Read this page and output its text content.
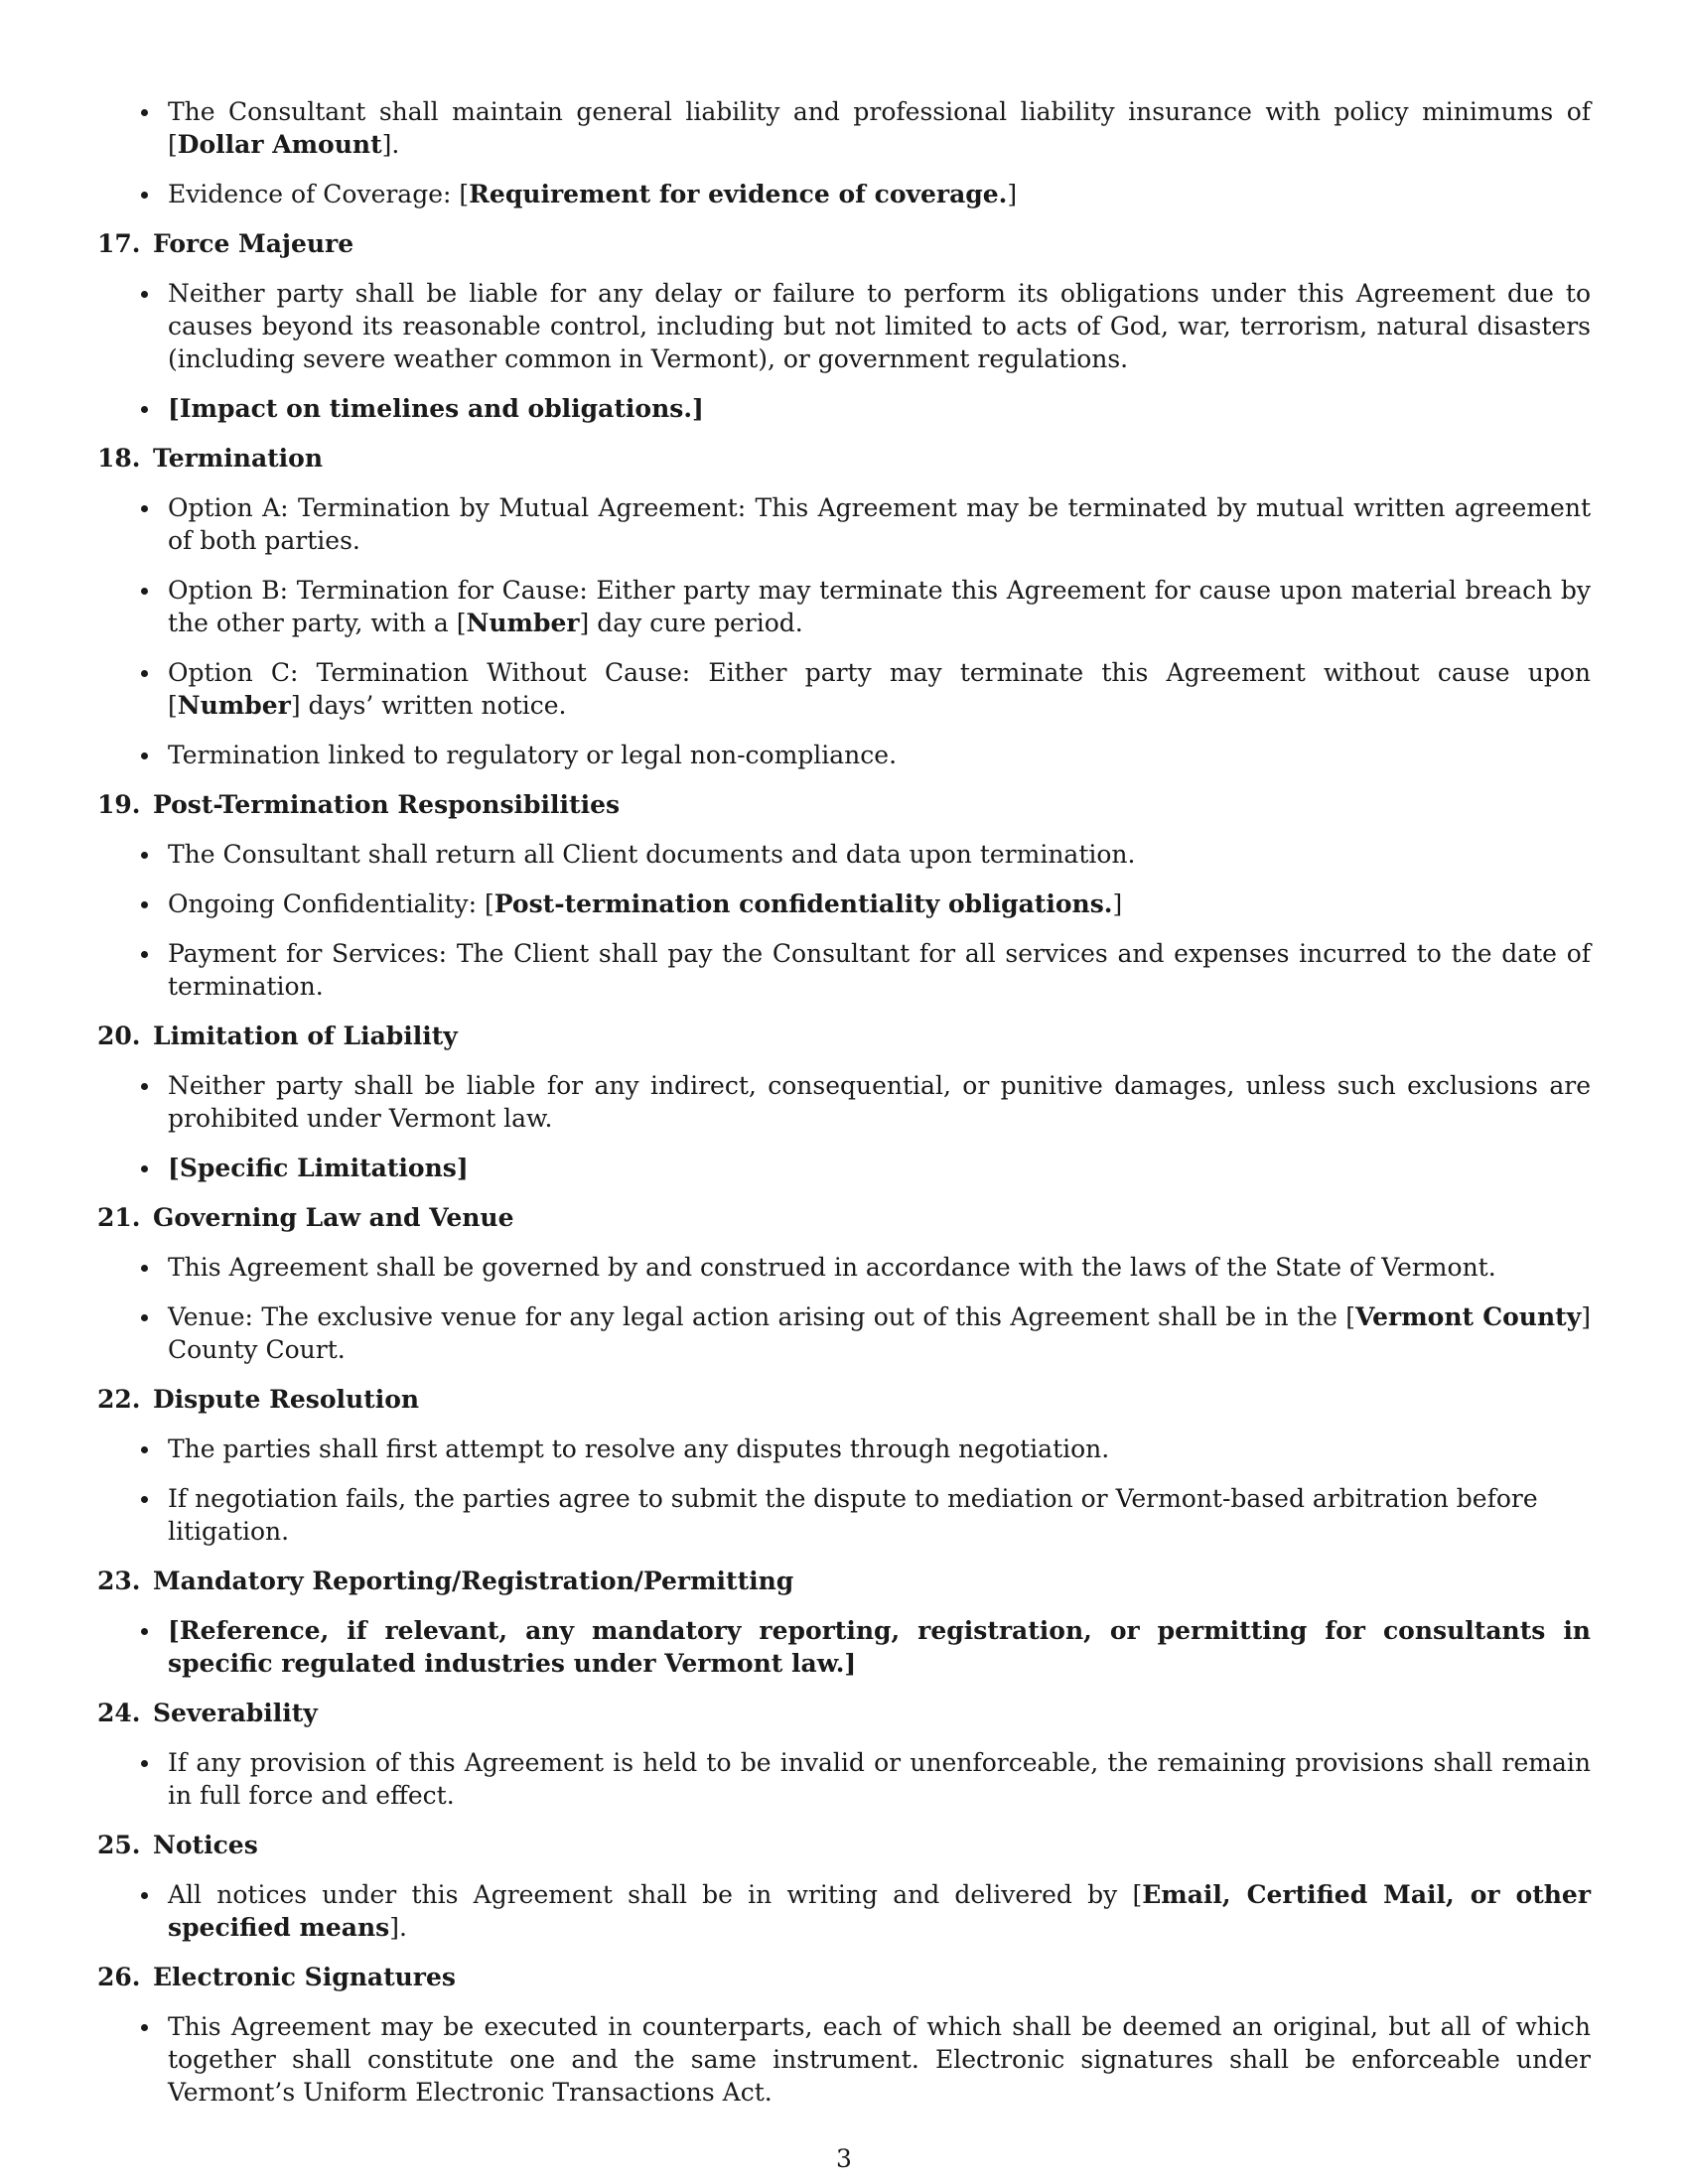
The Consultant shall maintain general liability and professional liability insurance with policy minimums of [Dollar Amount].
Evidence of Coverage: [Requirement for evidence of coverage.]
17. Force Majeure
Neither party shall be liable for any delay or failure to perform its obligations under this Agreement due to causes beyond its reasonable control, including but not limited to acts of God, war, terrorism, natural disasters (including severe weather common in Vermont), or government regulations.
[Impact on timelines and obligations.]
18. Termination
Option A: Termination by Mutual Agreement: This Agreement may be terminated by mutual written agreement of both parties.
Option B: Termination for Cause: Either party may terminate this Agreement for cause upon material breach by the other party, with a [Number] day cure period.
Option C: Termination Without Cause: Either party may terminate this Agreement without cause upon [Number] days’ written notice.
Termination linked to regulatory or legal non-compliance.
19. Post-Termination Responsibilities
The Consultant shall return all Client documents and data upon termination.
Ongoing Confidentiality: [Post-termination confidentiality obligations.]
Payment for Services: The Client shall pay the Consultant for all services and expenses incurred to the date of termination.
20. Limitation of Liability
Neither party shall be liable for any indirect, consequential, or punitive damages, unless such exclusions are prohibited under Vermont law.
[Specific Limitations]
21. Governing Law and Venue
This Agreement shall be governed by and construed in accordance with the laws of the State of Vermont.
Venue: The exclusive venue for any legal action arising out of this Agreement shall be in the [Vermont County] County Court.
22. Dispute Resolution
The parties shall first attempt to resolve any disputes through negotiation.
If negotiation fails, the parties agree to submit the dispute to mediation or Vermont-based arbitration before litigation.
23. Mandatory Reporting/Registration/Permitting
[Reference, if relevant, any mandatory reporting, registration, or permitting for consultants in specific regulated industries under Vermont law.]
24. Severability
If any provision of this Agreement is held to be invalid or unenforceable, the remaining provisions shall remain in full force and effect.
25. Notices
All notices under this Agreement shall be in writing and delivered by [Email, Certified Mail, or other specified means].
26. Electronic Signatures
This Agreement may be executed in counterparts, each of which shall be deemed an original, but all of which together shall constitute one and the same instrument. Electronic signatures shall be enforceable under Vermont’s Uniform Electronic Transactions Act.
3
